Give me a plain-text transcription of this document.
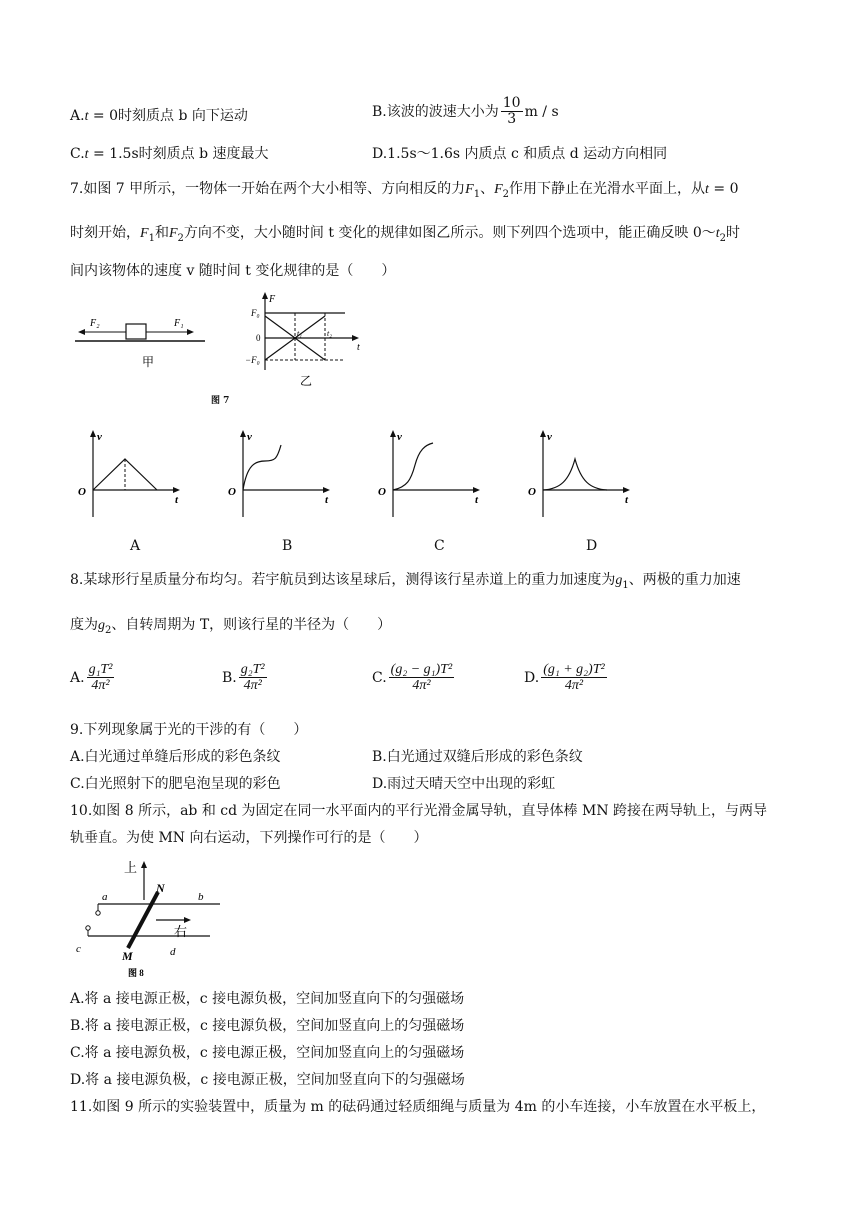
A.t = 0时刻质点 b 向下运动	B.该波的波速大小为 $\frac{10}{3}$ m / s
C.t = 1.5s时刻质点 b 速度最大	D.1.5s～1.6s 内质点 c 和质点 d 运动方向相同
7.如图 7 甲所示，一物体一开始在两个大小相等、方向相反的力$F_1$、$F_2$作用下静止在光滑水平面上，从t = 0
时刻开始，$F_1$和$F_2$方向不变，大小随时间 t 变化的规律如图乙所示。则下列四个选项中，能正确反映 $0\sim t_2$时
间内该物体的速度 v 随时间 t 变化规律的是（　　）
F₂	F₁
甲
F
F₀
0
−F₀
t
t₁	t₂
乙
图 7
v
O
t
v
O
t
v
O
t
v
O
t
A	B	C	D
8.某球形行星质量分布均匀。若宇航员到达该星球后，测得该行星赤道上的重力加速度为$g_1$、两极的重力加速
度为$g_2$、自转周期为 T，则该行星的半径为（　　）
A. $\frac{\text{g₁T²}}{\text{4π²}}$	B. $\frac{\text{g₂T²}}{\text{4π²}}$	C. $\frac{\text{(g₂ − g₁)T²}}{\text{4π²}}$	D. $\frac{\text{(g₁ + g₂)T²}}{\text{4π²}}$
9.下列现象属于光的干涉的有（　　）
A.白光通过单缝后形成的彩色条纹	B.白光通过双缝后形成的彩色条纹
C.白光照射下的肥皂泡呈现的彩色	D.雨过天晴天空中出现的彩虹
10.如图 8 所示，ab 和 cd 为固定在同一水平面内的平行光滑金属导轨，直导体棒 MN 跨接在两导轨上，与两导
轨垂直。为使 MN 向右运动，下列操作可行的是（　　）
上
右
a	b
c	d
N
M
图 8
A.将 a 接电源正极，c 接电源负极，空间加竖直向下的匀强磁场
B.将 a 接电源正极，c 接电源负极，空间加竖直向上的匀强磁场
C.将 a 接电源负极，c 接电源正极，空间加竖直向上的匀强磁场
D.将 a 接电源负极，c 接电源正极，空间加竖直向下的匀强磁场
11.如图 9 所示的实验装置中，质量为 m 的砝码通过轻质细绳与质量为 4m 的小车连接，小车放置在水平板上，
